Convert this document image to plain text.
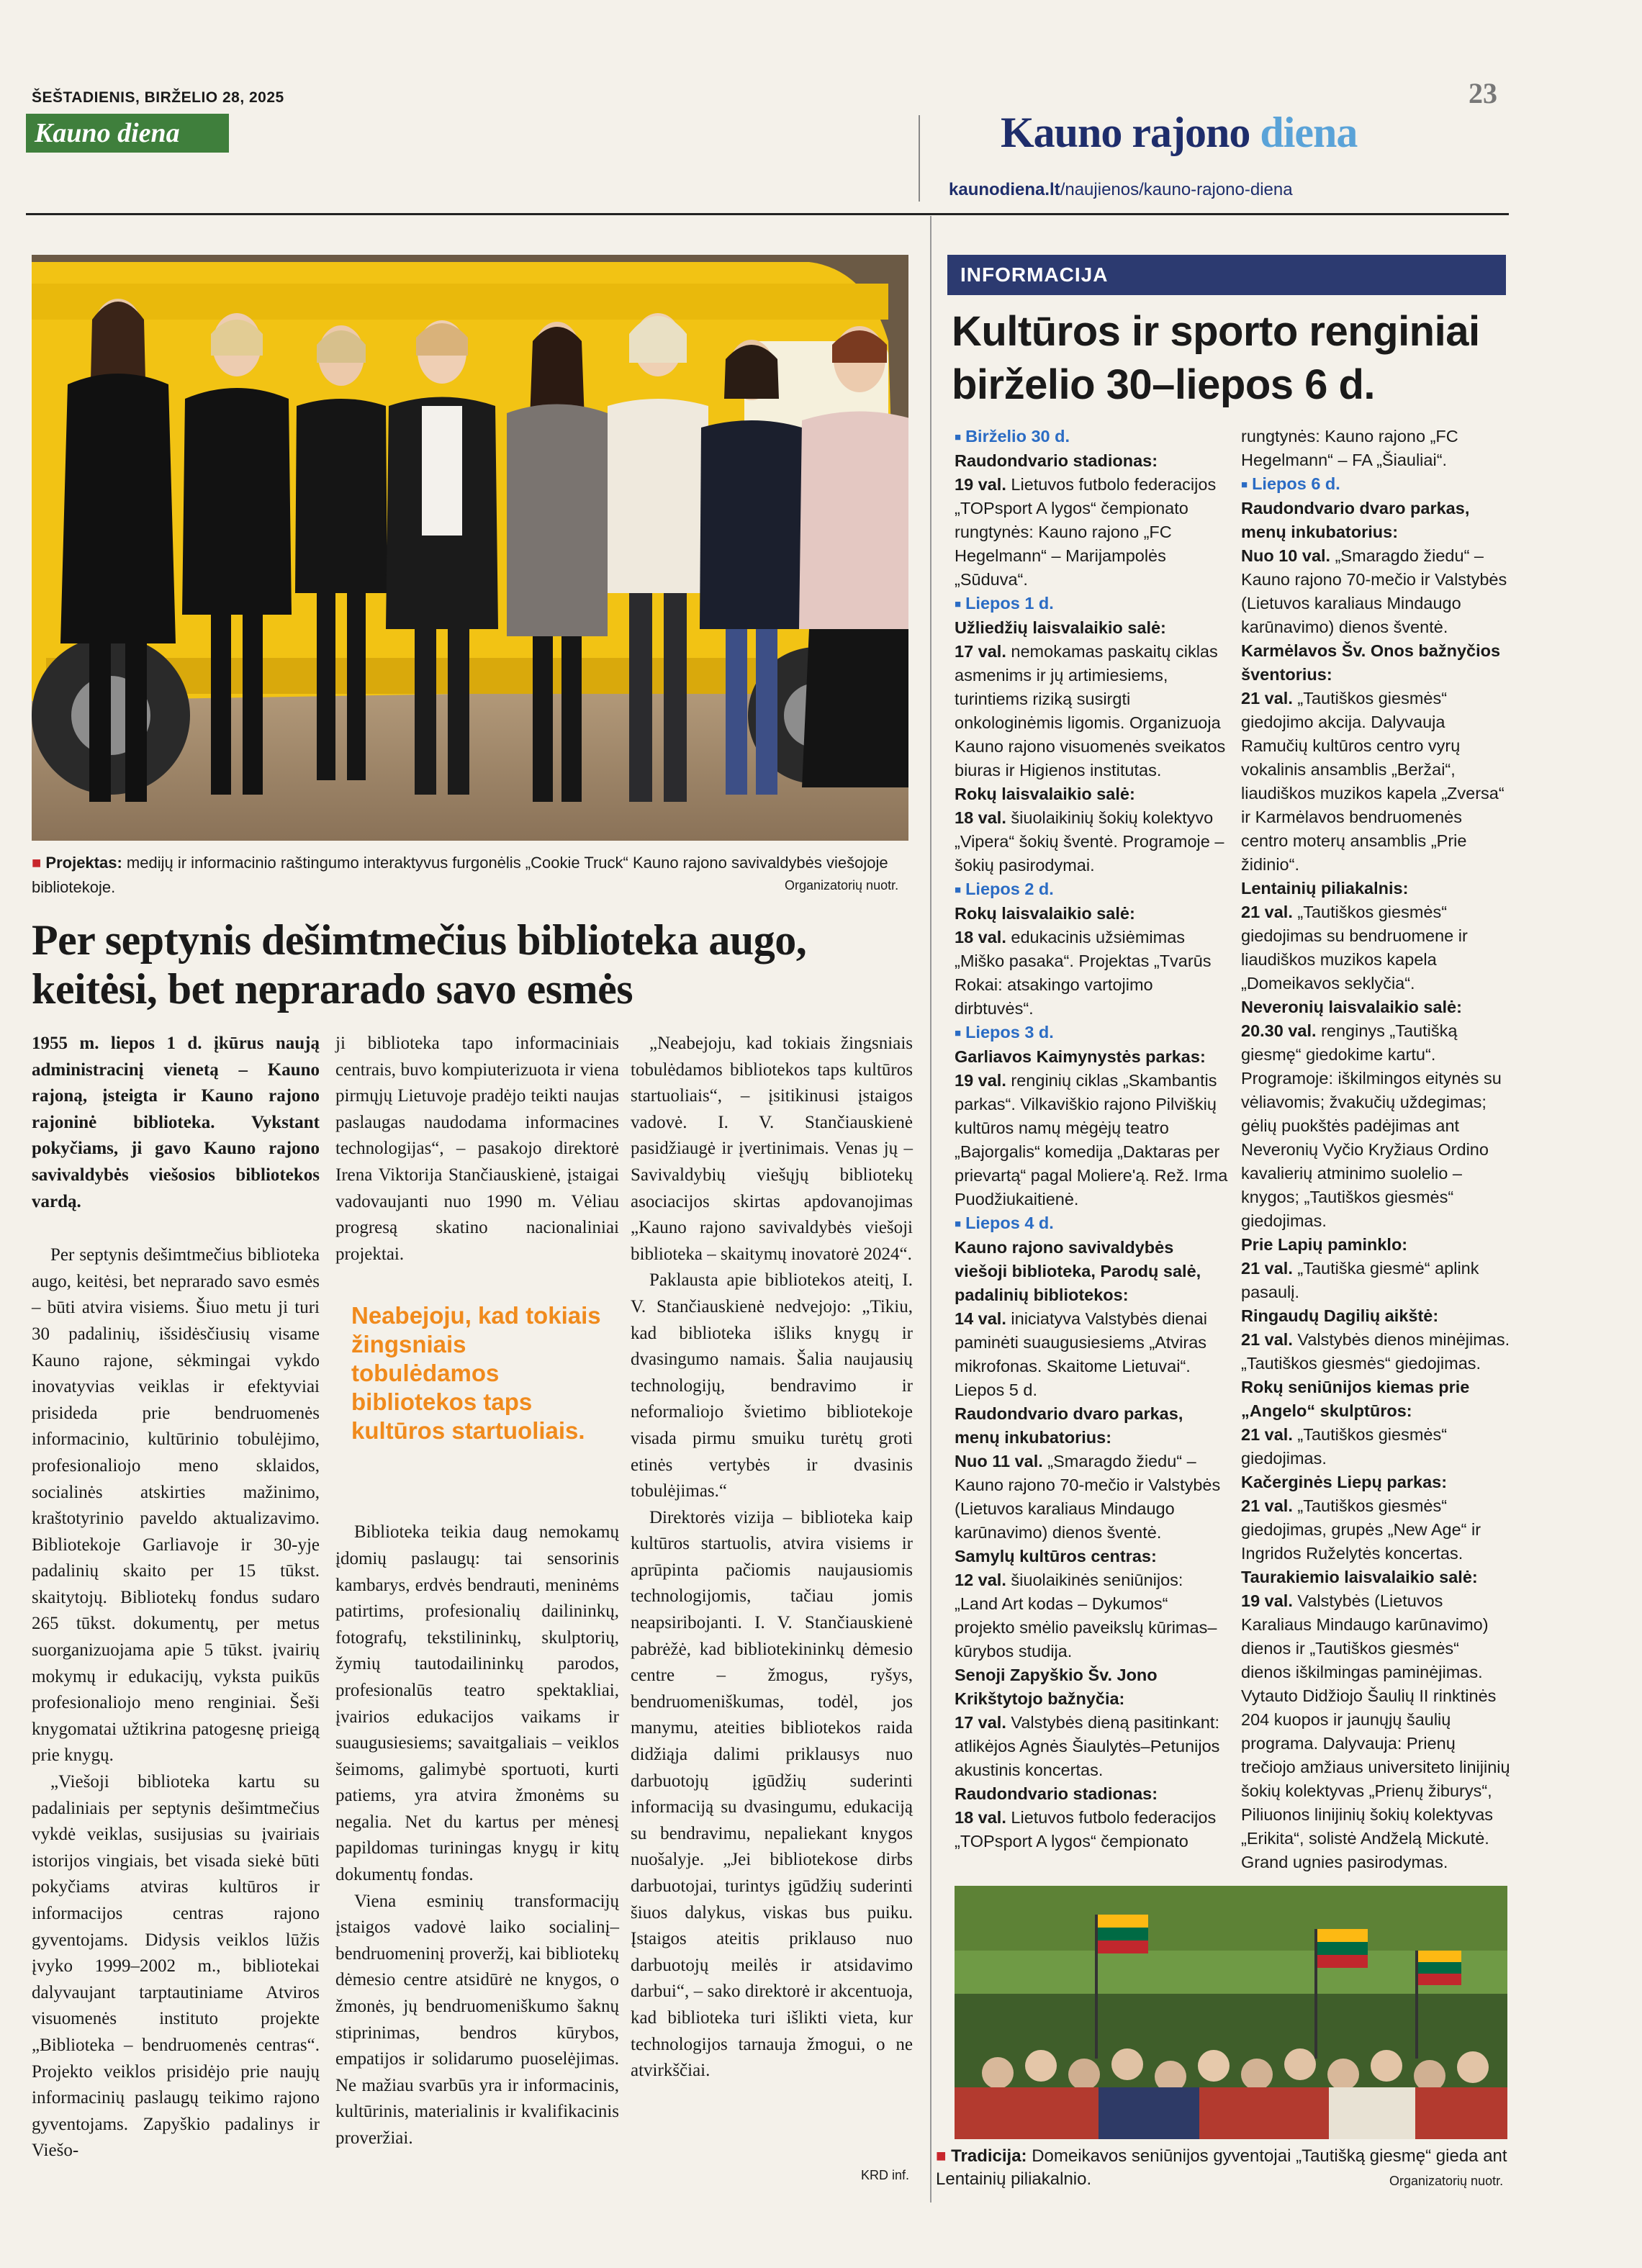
ŠEŠTADIENIS, BIRŽELIO 28, 2025
Kauno diena
23
Kauno rajono diena
kaunodiena.lt/naujienos/kauno-rajono-diena
■ Projektas: medijų ir informacinio raštingumo interaktyvus furgonėlis „Cookie Truck“ Kauno rajono savivaldybės viešojoje bibliotekoje.	Organizatorių nuotr.
Per septynis dešimtmečius biblioteka augo, keitėsi, bet neprarado savo esmės

1955 m. liepos 1 d. įkūrus naują administracinį vienetą – Kauno rajoną, įsteigta ir Kauno rajono rajoninė biblioteka. Vykstant pokyčiams, ji gavo Kauno rajono savivaldybės viešosios bibliotekos vardą.

Per septynis dešimtmečius biblioteka augo, keitėsi, bet neprarado savo esmės – būti atvira visiems. Šiuo metu ji turi 30 padalinių, išsidėsčiusių visame Kauno rajone, sėkmingai vykdo inovatyvias veiklas ir efektyviai prisideda prie bendruomenės informacinio, kultūrinio tobulėjimo, profesionaliojo meno sklaidos, socialinės atskirties mažinimo, kraštotyrinio paveldo aktualizavimo. Bibliotekoje Garliavoje ir 30-yje padalinių skaito per 15 tūkst. skaitytojų. Bibliotekų fondus sudaro 265 tūkst. dokumentų, per metus suorganizuojama apie 5 tūkst. įvairių mokymų ir edukacijų, vyksta puikūs profesionaliojo meno renginiai. Šeši knygomatai užtikrina patogesnę prieigą prie knygų.

„Viešoji biblioteka kartu su padaliniais per septynis dešimtmečius vykdė veiklas, susijusias su įvairiais istorijos vingiais, bet visada siekė būti pokyčiams atviras kultūros ir informacijos centras rajono gyventojams. Didysis veiklos lūžis įvyko 1999–2002 m., bibliotekai dalyvaujant tarptautiniame Atviros visuomenės instituto projekte „Biblioteka – bendruomenės centras“. Projekto veiklos prisidėjo prie naujų informacinių paslaugų teikimo rajono gyventojams. Zapyškio padalinys ir Viešo-

ji biblioteka tapo informaciniais centrais, buvo kompiuterizuota ir viena pirmųjų Lietuvoje pradėjo teikti naujas paslaugas naudodama informacines technologijas“, – pasakojo direktorė Irena Viktorija Stančiauskienė, įstaigai vadovaujanti nuo 1990 m. Vėliau progresą skatino nacionaliniai projektai.

Biblioteka teikia daug nemokamų įdomių paslaugų: tai sensorinis kambarys, erdvės bendrauti, meninėms patirtims, profesionalių dailininkų, fotografų, tekstilininkų, skulptorių, žymių tautodailininkų parodos, profesionalūs teatro spektakliai, įvairios edukacijos vaikams ir suaugusiesiems; savaitgaliais – veiklos šeimoms, galimybė sportuoti, kurti patiems, yra atvira žmonėms su negalia. Net du kartus per mėnesį papildomas turiningas knygų ir kitų dokumentų fondas.

Viena esminių transformacijų įstaigos vadovė laiko socialinį–bendruomeninį proveržį, kai bibliotekų dėmesio centre atsidūrė ne knygos, o žmonės, jų bendruomeniškumo šaknų stiprinimas, bendros kūrybos, empatijos ir solidarumo puoselėjimas. Ne mažiau svarbūs yra ir informacinis, kultūrinis, materialinis ir kvalifikacinis proveržiai.

Neabejoju, kad tokiais žingsniais tobulėdamos bibliotekos taps kultūros startuoliais.

„Neabejoju, kad tokiais žingsniais tobulėdamos bibliotekos taps kultūros startuoliais“, – įsitikinusi įstaigos vadovė. I. V. Stančiauskienė pasidžiaugė ir įvertinimais. Venas jų – Savivaldybių viešųjų bibliotekų asociacijos skirtas apdovanojimas „Kauno rajono savivaldybės viešoji biblioteka – skaitymų inovatorė 2024“.

Paklausta apie bibliotekos ateitį, I. V. Stančiauskienė nedvejojo: „Tikiu, kad biblioteka išliks knygų ir dvasingumo namais. Šalia naujausių technologijų, bendravimo ir neformaliojo švietimo bibliotekoje visada pirmu smuiku turėtų groti etinės vertybės ir dvasinis tobulėjimas.“

Direktorės vizija – biblioteka kaip kultūros startuolis, atvira visiems ir aprūpinta pačiomis naujausiomis technologijomis, tačiau jomis neapsiribojanti. I. V. Stančiauskienė pabrėžė, kad bibliotekininkų dėmesio centre – žmogus, ryšys, bendruomeniškumas, todėl, jos manymu, ateities bibliotekos raida didžiąja dalimi priklausys nuo darbuotojų įgūdžių suderinti informaciją su dvasingumu, edukaciją su bendravimu, nepaliekant knygos nuošalyje. „Jei bibliotekose dirbs darbuotojai, turintys įgūdžių suderinti šiuos dalykus, viskas bus puiku. Įstaigos ateitis priklauso nuo darbuotojų meilės ir atsidavimo darbui“, – sako direktorė ir akcentuoja, kad biblioteka turi išlikti vieta, kur technologijos tarnauja žmogui, o ne atvirkščiai.

KRD inf.
INFORMACIJA
Kultūros ir sporto renginiai birželio 30–liepos 6 d.
■ Birželio 30 d.
Raudondvario stadionas:
19 val. Lietuvos futbolo federacijos „TOPsport A lygos“ čempionato rungtynės: Kauno rajono „FC Hegelmann“ – Marijampolės „Sūduva“.
■ Liepos 1 d.
Užliedžių laisvalaikio salė:
17 val. nemokamas paskaitų ciklas asmenims ir jų artimiesiems, turintiems riziką susirgti onkologinėmis ligomis. Organizuoja Kauno rajono visuomenės sveikatos biuras ir Higienos institutas.
Rokų laisvalaikio salė:
18 val. šiuolaikinių šokių kolektyvo „Vipera“ šokių šventė. Programoje – šokių pasirodymai.
■ Liepos 2 d.
Rokų laisvalaikio salė:
18 val. edukacinis užsiėmimas „Miško pasaka“. Projektas „Tvarūs Rokai: atsakingo vartojimo dirbtuvės“.
■ Liepos 3 d.
Garliavos Kaimynystės parkas:
19 val. renginių ciklas „Skambantis parkas“. Vilkaviškio rajono Pilviškių kultūros namų mėgėjų teatro „Bajorgalis“ komedija „Daktaras per prievartą“ pagal Moliere'ą. Rež. Irma Puodžiukaitienė.
■ Liepos 4 d.
Kauno rajono savivaldybės viešoji biblioteka, Parodų salė, padalinių bibliotekos:
14 val. iniciatyva Valstybės dienai paminėti suaugusiesiems „Atviras mikrofonas. Skaitome Lietuvai“. Liepos 5 d.
Raudondvario dvaro parkas, menų inkubatorius:
Nuo 11 val. „Smaragdo žiedu“ – Kauno rajono 70-mečio ir Valstybės (Lietuvos karaliaus Mindaugo karūnavimo) dienos šventė.
Samylų kultūros centras:
12 val. šiuolaikinės seniūnijos: „Land Art kodas – Dykumos“ projekto smėlio paveikslų kūrimas–kūrybos studija.
Senoji Zapyškio Šv. Jono Krikštytojo bažnyčia:
17 val. Valstybės dieną pasitinkant: atlikėjos Agnės Šiaulytės–Petunijos akustinis koncertas.
Raudondvario stadionas:
18 val. Lietuvos futbolo federacijos „TOPsport A lygos“ čempionato
rungtynės: Kauno rajono „FC Hegelmann“ – FA „Šiauliai“.
■ Liepos 6 d.
Raudondvario dvaro parkas, menų inkubatorius:
Nuo 10 val. „Smaragdo žiedu“ – Kauno rajono 70-mečio ir Valstybės (Lietuvos karaliaus Mindaugo karūnavimo) dienos šventė.
Karmėlavos Šv. Onos bažnyčios šventorius:
21 val. „Tautiškos giesmės“ giedojimo akcija. Dalyvauja Ramučių kultūros centro vyrų vokalinis ansamblis „Beržai“, liaudiškos muzikos kapela „Zversa“ ir Karmėlavos bendruomenės centro moterų ansamblis „Prie židinio“.
Lentainių piliakalnis:
21 val. „Tautiškos giesmės“ giedojimas su bendruomene ir liaudiškos muzikos kapela „Domeikavos seklyčia“.
Neveronių laisvalaikio salė:
20.30 val. renginys „Tautišką giesmę“ giedokime kartu“. Programoje: iškilmingos eitynės su vėliavomis; žvakučių uždegimas; gėlių puokštės padėjimas ant Neveronių Vyčio Kryžiaus Ordino kavalierių atminimo suolelio – knygos; „Tautiškos giesmės“ giedojimas.
Prie Lapių paminklo:
21 val. „Tautiška giesmė“ aplink pasaulį.
Ringaudų Dagilių aikštė:
21 val. Valstybės dienos minėjimas. „Tautiškos giesmės“ giedojimas.
Rokų seniūnijos kiemas prie „Angelo“ skulptūros:
21 val. „Tautiškos giesmės“ giedojimas.
Kačerginės Liepų parkas:
21 val. „Tautiškos giesmės“ giedojimas, grupės „New Age“ ir Ingridos Ruželytės koncertas.
Taurakiemio laisvalaikio salė:
19 val. Valstybės (Lietuvos Karaliaus Mindaugo karūnavimo) dienos ir „Tautiškos giesmės“ dienos iškilmingas paminėjimas. Vytauto Didžiojo Šaulių II rinktinės 204 kuopos ir jaunųjų šaulių programa. Dalyvauja: Prienų trečiojo amžiaus universiteto linijinių šokių kolektyvas „Prienų žiburys“, Piliuonos linijinių šokių kolektyvas „Erikita“, solistė Andželą Mickutė. Grand ugnies pasirodymas.
■ Tradicija: Domeikavos seniūnijos gyventojai „Tautišką giesmę“ gieda ant Lentainių piliakalnio.	Organizatorių nuotr.
